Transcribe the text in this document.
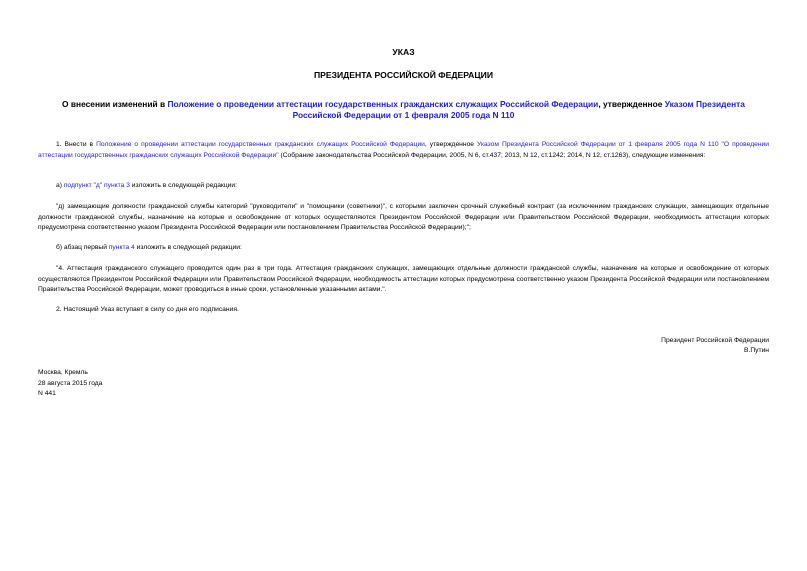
УКАЗ
ПРЕЗИДЕНТА РОССИЙСКОЙ ФЕДЕРАЦИИ
О внесении изменений в Положение о проведении аттестации государственных гражданских служащих Российской Федерации, утвержденное Указом Президента Российской Федерации от 1 февраля 2005 года N 110
1. Внести в Положение о проведении аттестации государственных гражданских служащих Российской Федерации, утвержденное Указом Президента Российской Федерации от 1 февраля 2005 года N 110 "О проведении аттестации государственных гражданских служащих Российской Федерации" (Собрание законодательства Российской Федерации, 2005, N 6, ст.437; 2013, N 12, ст.1242; 2014, N 12, ст.1263), следующие изменения:
а) подпункт "д" пункта 3 изложить в следующей редакции:
"д) замещающие должности гражданской службы категорий "руководители" и "помощники (советники)", с которыми заключен срочный служебный контракт (за исключением гражданских служащих, замещающих отдельные должности гражданской службы, назначение на которые и освобождение от которых осуществляются Президентом Российской Федерации или Правительством Российской Федерации, необходимость аттестации которых предусмотрена соответственно указом Президента Российской Федерации или постановлением Правительства Российской Федерации);";
б) абзац первый пункта 4 изложить в следующей редакции:
"4. Аттестация гражданского служащего проводится один раз в три года. Аттестация гражданских служащих, замещающих отдельные должности гражданской службы, назначение на которые и освобождение от которых осуществляются Президентом Российской Федерации или Правительством Российской Федерации, необходимость аттестации которых предусмотрена соответственно указом Президента Российской Федерации или постановлением Правительства Российской Федерации, может проводиться в иные сроки, установленные указанными актами.".
2. Настоящий Указ вступает в силу со дня его подписания.
Президент Российской Федерации
В.Путин
Москва, Кремль
28 августа 2015 года
N 441
